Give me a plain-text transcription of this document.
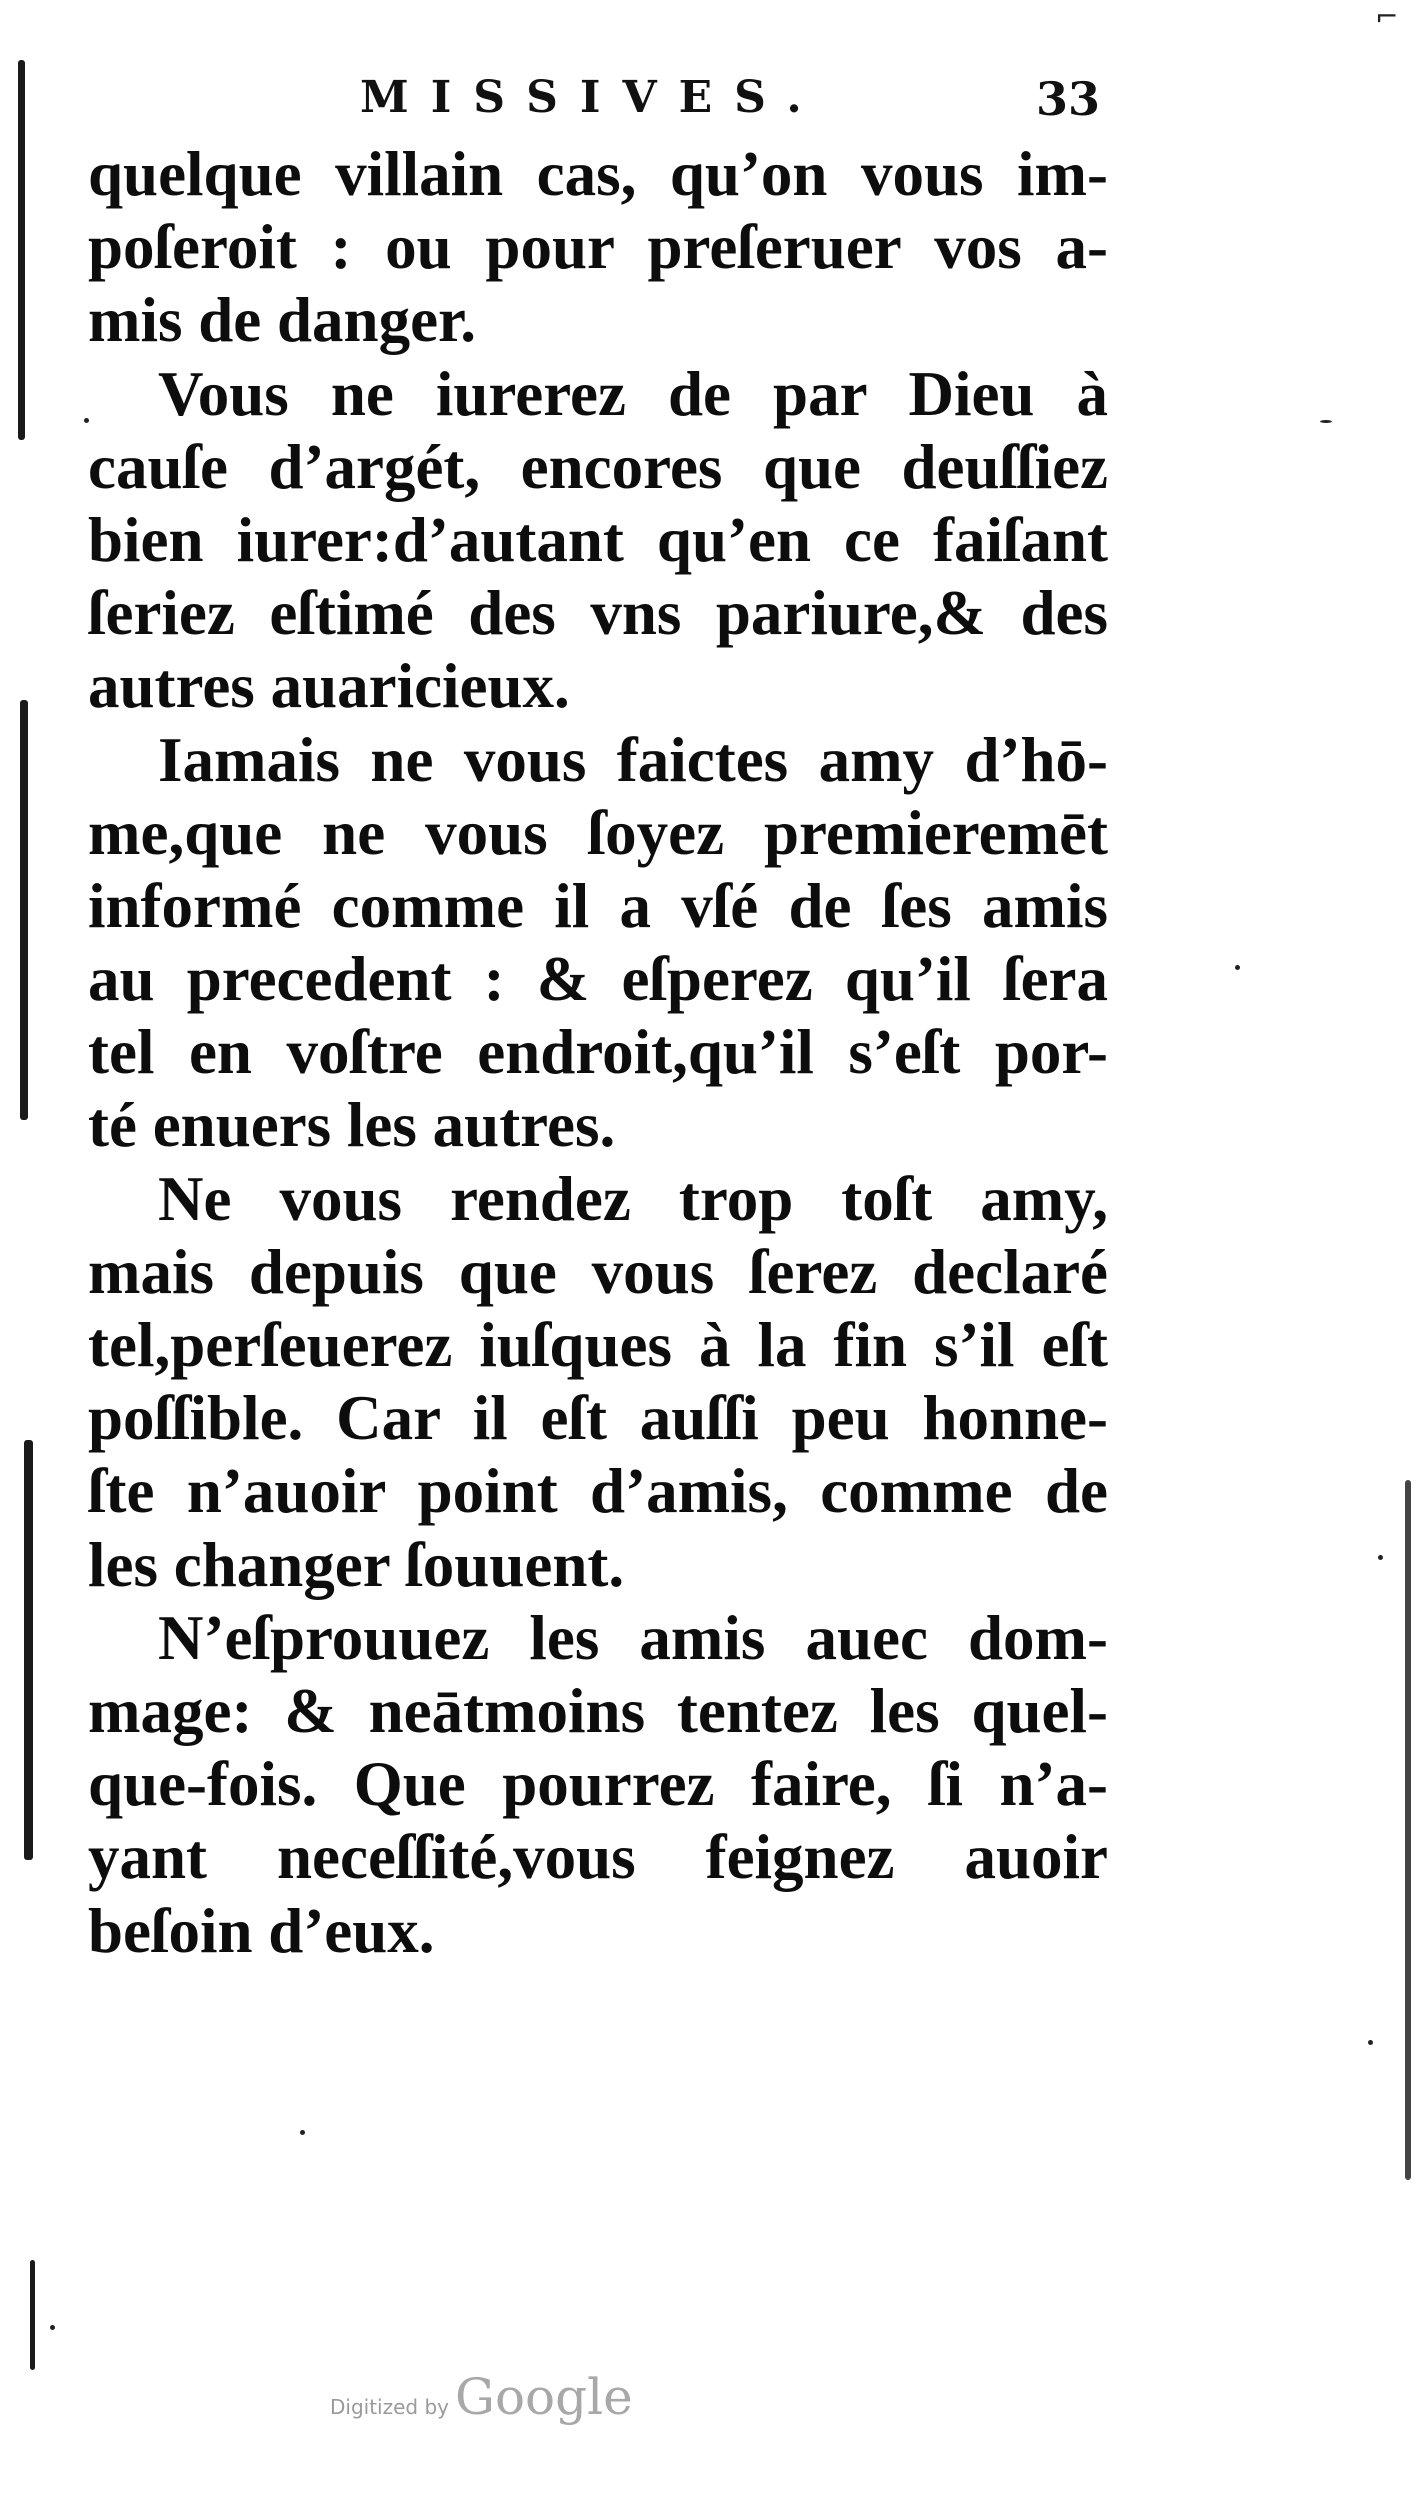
⌐
MISSIVES.	33
quelque villain cas, qu’on vous im-
poſeroit : ou pour preſeruer vos a-
mis de danger.
Vous ne iurerez de par Dieu à
cauſe d’argét, encores que deuſſiez
bien iurer:d’autant qu’en ce faiſant
ſeriez eſtimé des vns pariure,& des
autres auaricieux.
Iamais ne vous faictes amy d’hō-
me,que ne vous ſoyez premieremēt
informé comme il a vſé de ſes amis
au precedent : & eſperez qu’il ſera
tel en voſtre endroit,qu’il s’eſt por-
té enuers les autres.
Ne vous rendez trop toſt amy,
mais depuis que vous ſerez declaré
tel,perſeuerez iuſques à la fin s’il eſt
poſſible. Car il eſt auſſi peu honne-
ſte n’auoir point d’amis, comme de
les changer ſouuent.
N’eſprouuez les amis auec dom-
mage: & neātmoins tentez les quel-
que-fois. Que pourrez faire, ſi n’a-
yant neceſſité,vous feignez auoir
beſoin d’eux.
Digitized by Google
